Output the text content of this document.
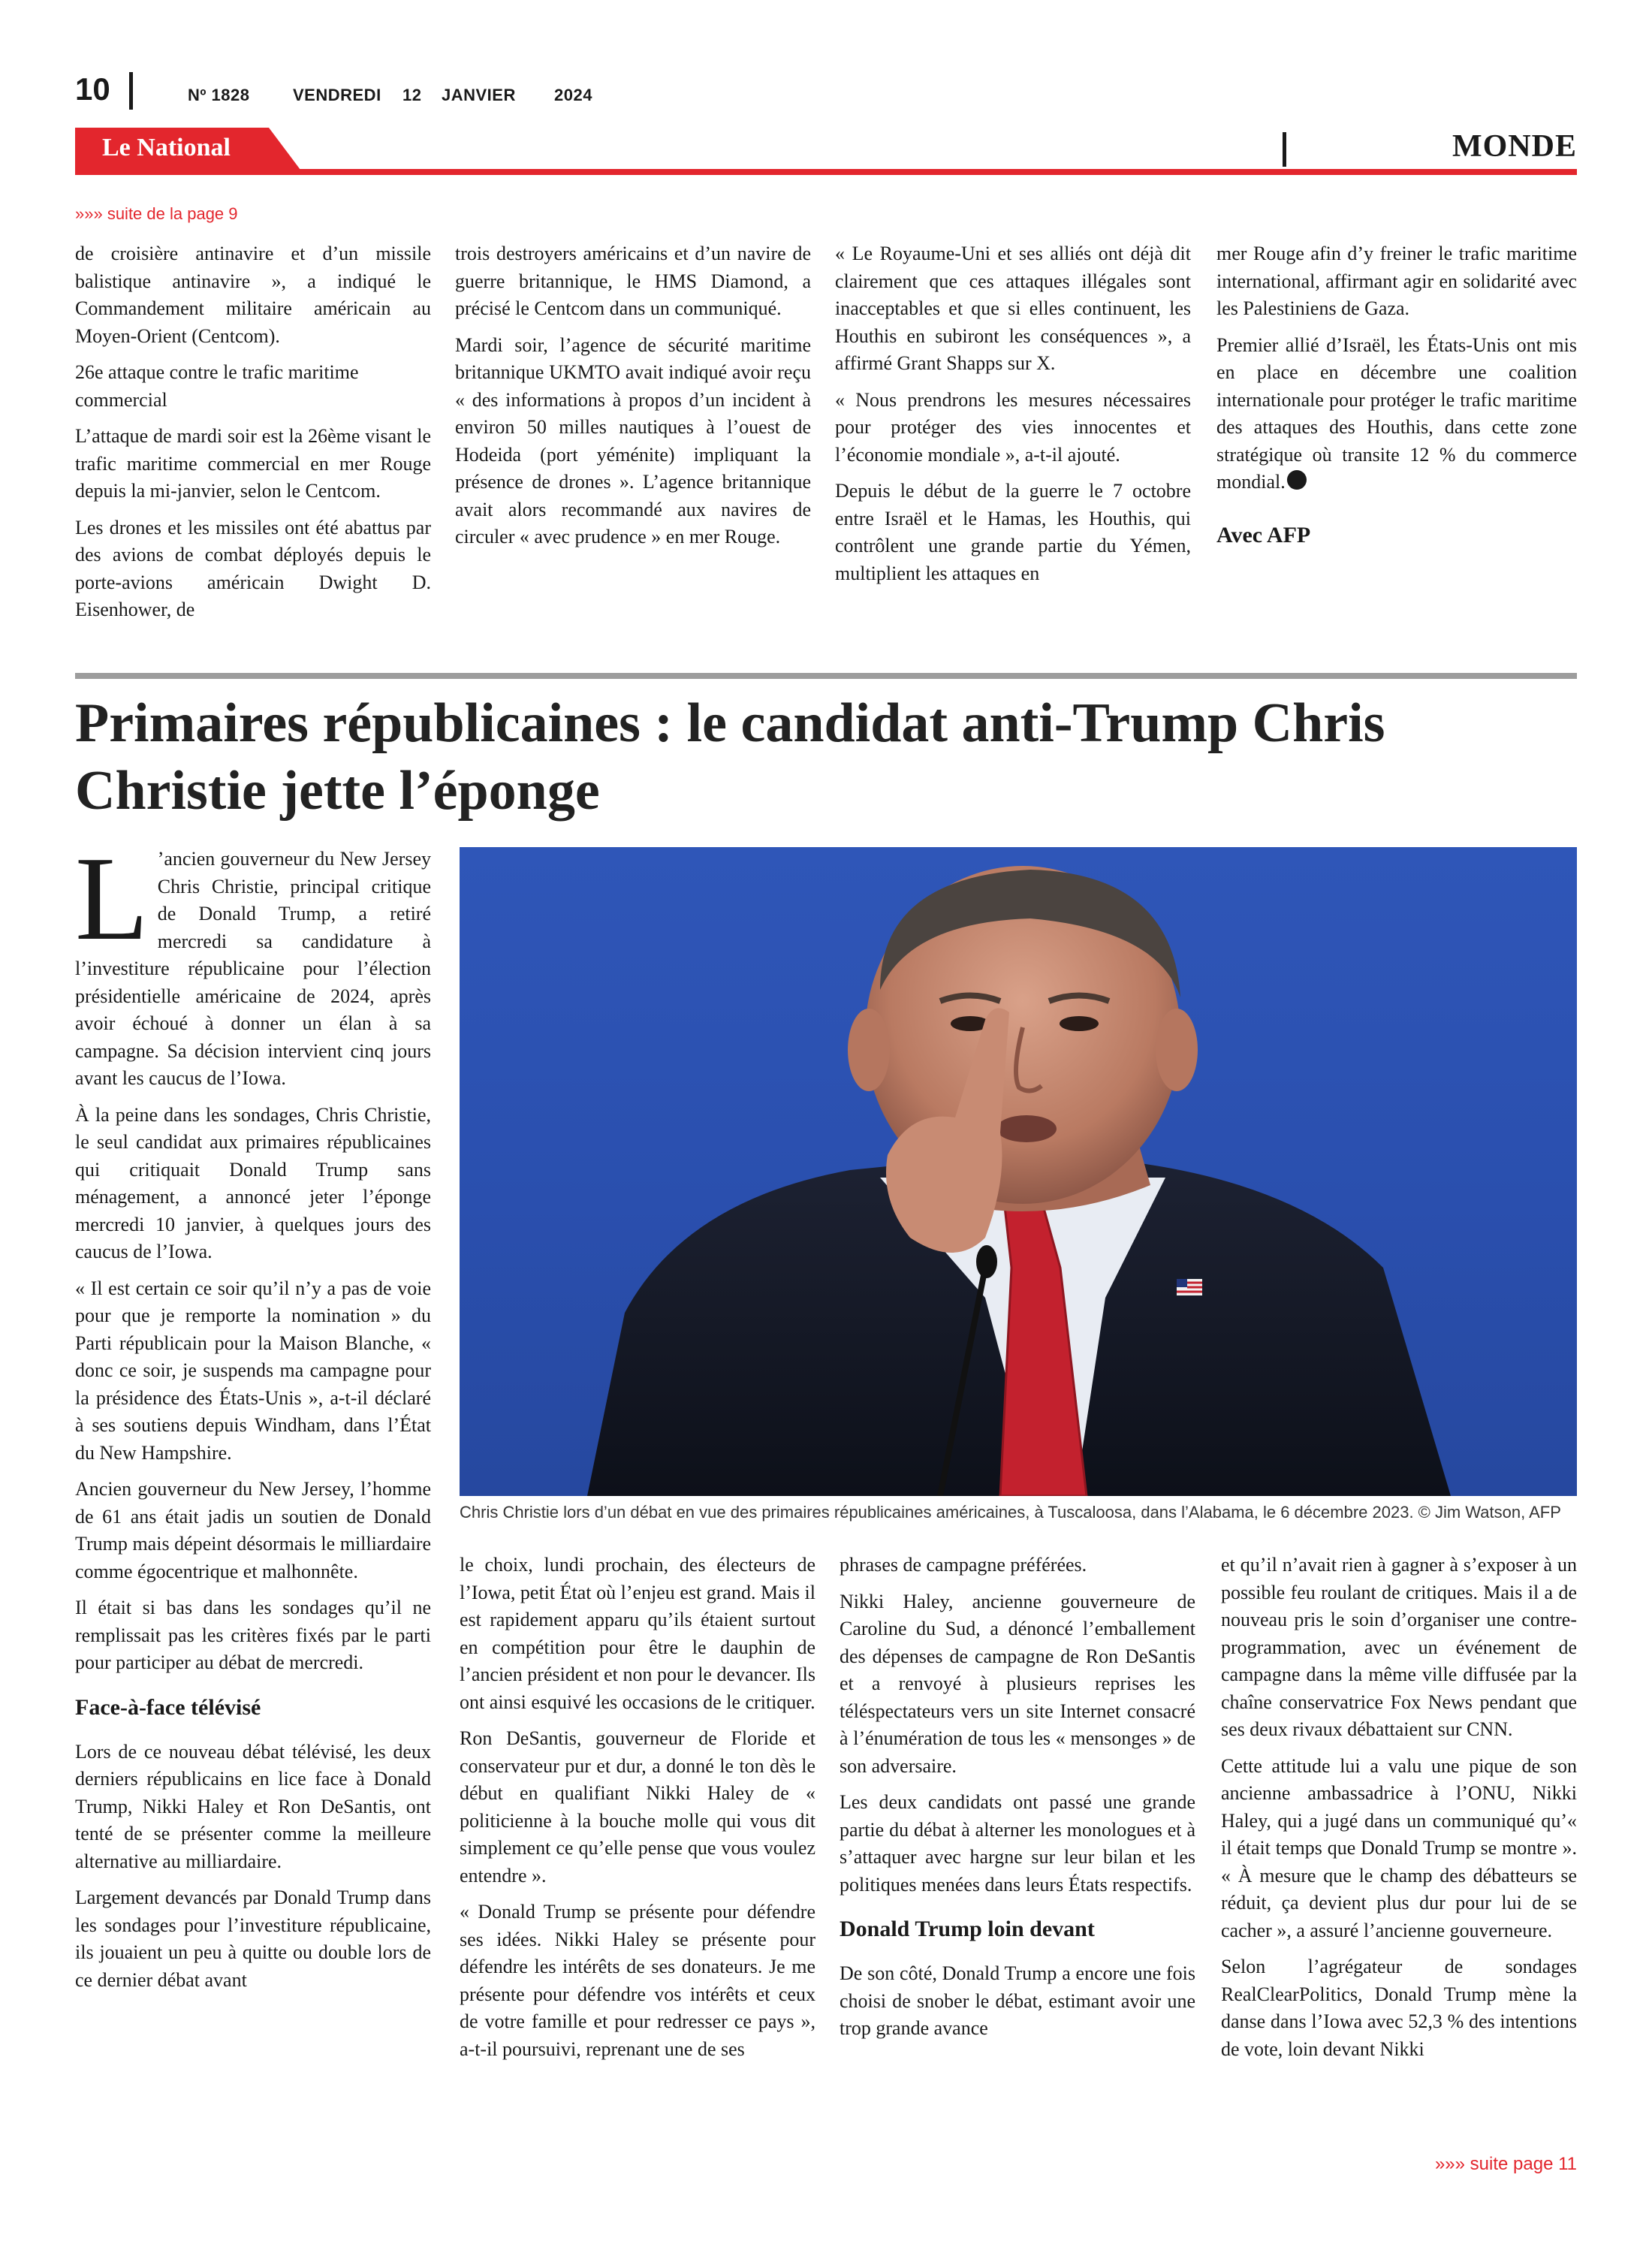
10	Nº 1828	VENDREDI 12 JANVIER 2024
Le National	MONDE
»»» suite de la page 9

de croisière antinavire et d’un missile balistique antinavire », a indiqué le Commandement militaire américain au Moyen-Orient (Centcom).

26e attaque contre le trafic maritime commercial

L’attaque de mardi soir est la 26ème visant le trafic maritime commercial en mer Rouge depuis la mi-janvier, selon le Centcom.

Les drones et les missiles ont été abattus par des avions de combat déployés depuis le porte-avions américain Dwight D. Eisenhower, de

trois destroyers américains et d’un navire de guerre britannique, le HMS Diamond, a précisé le Centcom dans un communiqué.

Mardi soir, l’agence de sécurité maritime britannique UKMTO avait indiqué avoir reçu « des informations à propos d’un incident à environ 50 milles nautiques à l’ouest de Hodeida (port yéménite) impliquant la présence de drones ». L’agence britannique avait alors recommandé aux navires de circuler « avec prudence » en mer Rouge.

« Le Royaume-Uni et ses alliés ont déjà dit clairement que ces attaques illégales sont inacceptables et que si elles continuent, les Houthis en subiront les conséquences », a affirmé Grant Shapps sur X.

« Nous prendrons les mesures nécessaires pour protéger des vies innocentes et l’économie mondiale », a-t-il ajouté.

Depuis le début de la guerre le 7 octobre entre Israël et le Hamas, les Houthis, qui contrôlent une grande partie du Yémen, multiplient les attaques en

mer Rouge afin d’y freiner le trafic maritime international, affirmant agir en solidarité avec les Palestiniens de Gaza.

Premier allié d’Israël, les États-Unis ont mis en place en décembre une coalition internationale pour protéger le trafic maritime des attaques des Houthis, dans cette zone stratégique où transite 12 % du commerce mondial.

Avec AFP
Primaires républicaines : le candidat anti-Trump Chris Christie jette l’éponge

L ’ancien gouverneur du New Jersey Chris Christie, principal critique de Donald Trump, a retiré mercredi sa candidature à l’investiture républicaine pour l’élection présidentielle américaine de 2024, après avoir échoué à donner un élan à sa campagne. Sa décision intervient cinq jours avant les caucus de l’Iowa.

À la peine dans les sondages, Chris Christie, le seul candidat aux primaires républicaines qui critiquait Donald Trump sans ménagement, a annoncé jeter l’éponge mercredi 10 janvier, à quelques jours des caucus de l’Iowa.

« Il est certain ce soir qu’il n’y a pas de voie pour que je remporte la nomination » du Parti républicain pour la Maison Blanche, « donc ce soir, je suspends ma campagne pour la présidence des États-Unis », a-t-il déclaré à ses soutiens depuis Windham, dans l’État du New Hampshire.

Ancien gouverneur du New Jersey, l’homme de 61 ans était jadis un soutien de Donald Trump mais dépeint désormais le milliardaire comme égocentrique et malhonnête.

Il était si bas dans les sondages qu’il ne remplissait pas les critères fixés par le parti pour participer au débat de mercredi.

Face-à-face télévisé

Lors de ce nouveau débat télévisé, les deux derniers républicains en lice face à Donald Trump, Nikki Haley et Ron DeSantis, ont tenté de se présenter comme la meilleure alternative au milliardaire.

Largement devancés par Donald Trump dans les sondages pour l’investiture républicaine, ils jouaient un peu à quitte ou double lors de ce dernier débat avant

Chris Christie lors d’un débat en vue des primaires républicaines américaines, à Tuscaloosa, dans l’Alabama, le 6 décembre 2023. © Jim Watson, AFP

le choix, lundi prochain, des électeurs de l’Iowa, petit État où l’enjeu est grand. Mais il est rapidement apparu qu’ils étaient surtout en compétition pour être le dauphin de l’ancien président et non pour le devancer. Ils ont ainsi esquivé les occasions de le critiquer.

Ron DeSantis, gouverneur de Floride et conservateur pur et dur, a donné le ton dès le début en qualifiant Nikki Haley de « politicienne à la bouche molle qui vous dit simplement ce qu’elle pense que vous voulez entendre ».

« Donald Trump se présente pour défendre ses idées. Nikki Haley se présente pour défendre les intérêts de ses donateurs. Je me présente pour défendre vos intérêts et ceux de votre famille et pour redresser ce pays », a-t-il poursuivi, reprenant une de ses

phrases de campagne préférées.

Nikki Haley, ancienne gouverneure de Caroline du Sud, a dénoncé l’emballement des dépenses de campagne de Ron DeSantis et a renvoyé à plusieurs reprises les téléspectateurs vers un site Internet consacré à l’énumération de tous les « mensonges » de son adversaire.

Les deux candidats ont passé une grande partie du débat à alterner les monologues et à s’attaquer avec hargne sur leur bilan et les politiques menées dans leurs États respectifs.

Donald Trump loin devant

De son côté, Donald Trump a encore une fois choisi de snober le débat, estimant avoir une trop grande avance

et qu’il n’avait rien à gagner à s’exposer à un possible feu roulant de critiques. Mais il a de nouveau pris le soin d’organiser une contre-programmation, avec un événement de campagne dans la même ville diffusée par la chaîne conservatrice Fox News pendant que ses deux rivaux débattaient sur CNN.

Cette attitude lui a valu une pique de son ancienne ambassadrice à l’ONU, Nikki Haley, qui a jugé dans un communiqué qu’« il était temps que Donald Trump se montre ». « À mesure que le champ des débatteurs se réduit, ça devient plus dur pour lui de se cacher », a assuré l’ancienne gouverneure.

Selon l’agrégateur de sondages RealClearPolitics, Donald Trump mène la danse dans l’Iowa avec 52,3 % des intentions de vote, loin devant Nikki

»»» suite page 11
